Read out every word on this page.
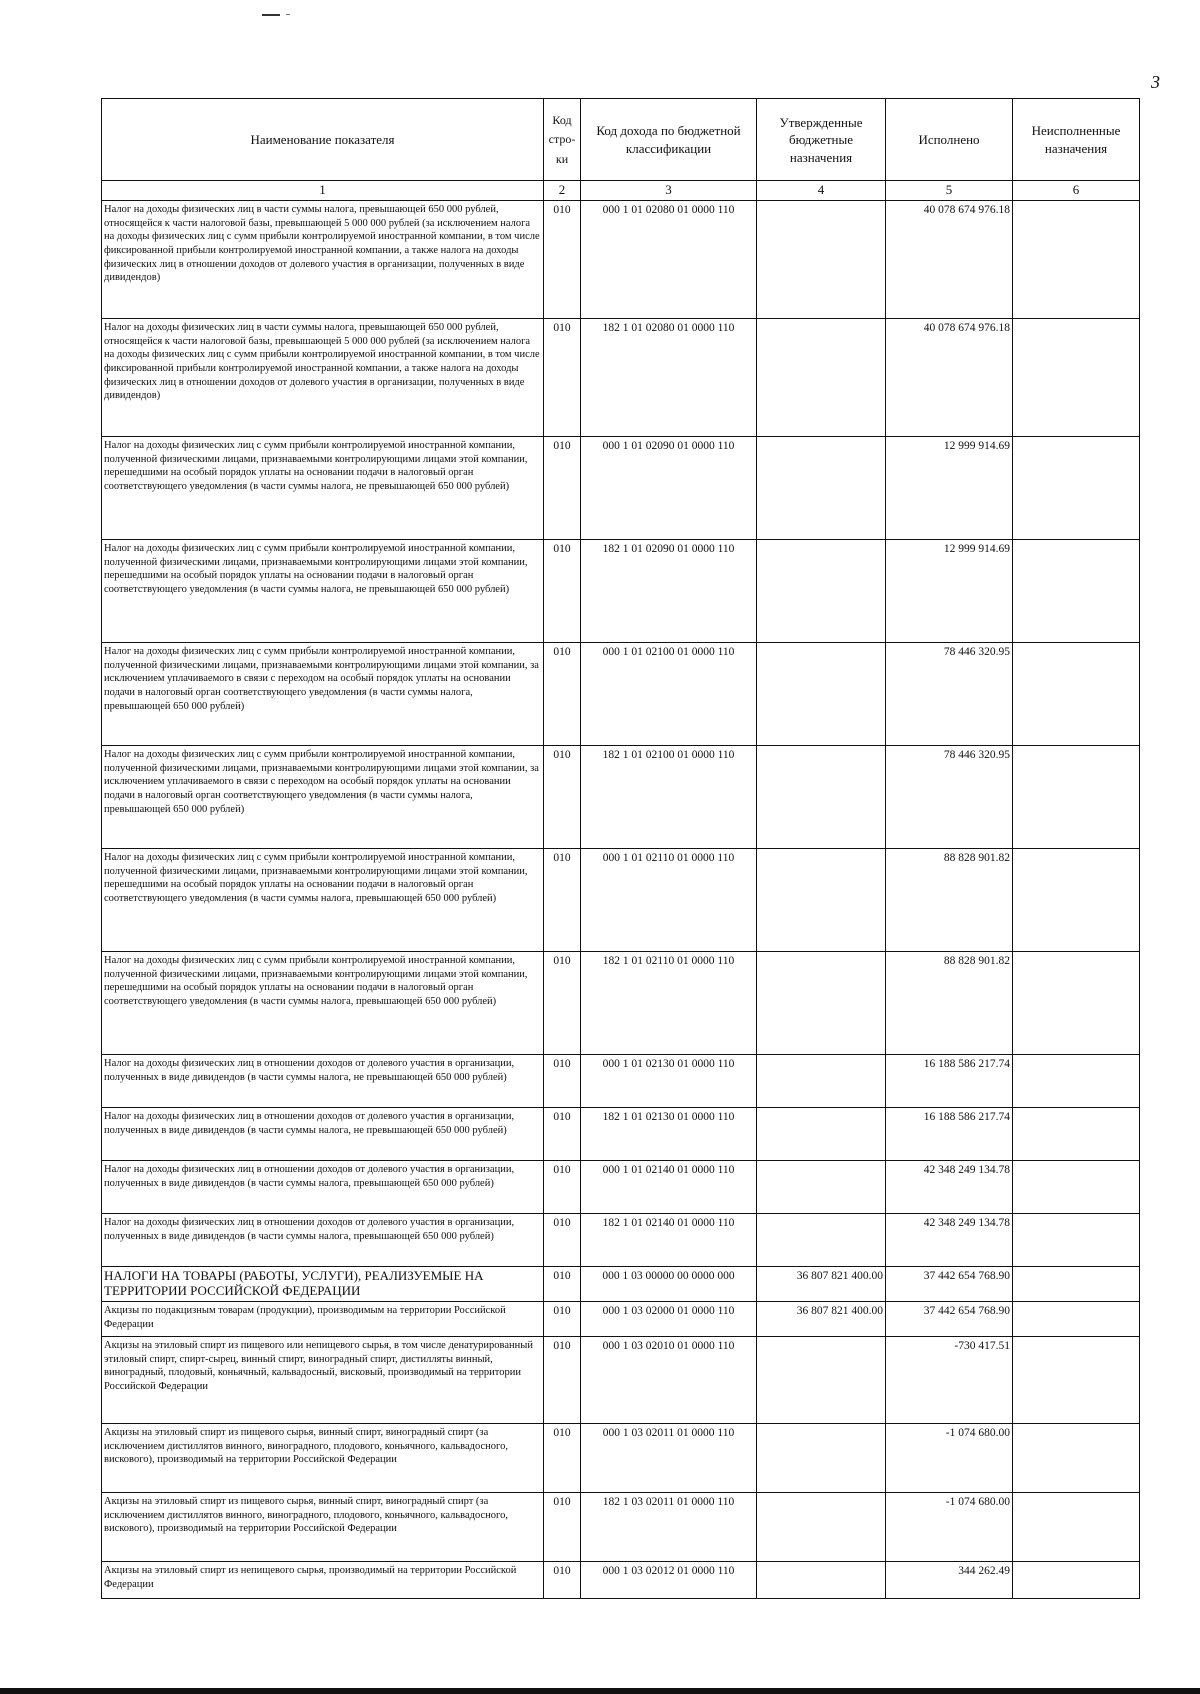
3
Наименование показателя	Код стро-ки	Код дохода по бюджетной классификации	Утвержденные бюджетные назначения	Исполнено	Неисполненные назначения
1	2	3	4	5	6
Налог на доходы физических лиц в части суммы налога, превышающей 650 000 рублей, относящейся к части налоговой базы, превышающей 5 000 000 рублей (за исключением налога на доходы физических лиц с сумм прибыли контролируемой иностранной компании, в том числе фиксированной прибыли контролируемой иностранной компании, а также налога на доходы физических лиц в отношении доходов от долевого участия в организации, полученных в виде дивидендов)	010	000 1 01 02080 01 0000 110		40 078 674 976.18	
Налог на доходы физических лиц в части суммы налога, превышающей 650 000 рублей, относящейся к части налоговой базы, превышающей 5 000 000 рублей (за исключением налога на доходы физических лиц с сумм прибыли контролируемой иностранной компании, в том числе фиксированной прибыли контролируемой иностранной компании, а также налога на доходы физических лиц в отношении доходов от долевого участия в организации, полученных в виде дивидендов)	010	182 1 01 02080 01 0000 110		40 078 674 976.18	
Налог на доходы физических лиц с сумм прибыли контролируемой иностранной компании, полученной физическими лицами, признаваемыми контролирующими лицами этой компании, перешедшими на особый порядок уплаты на основании подачи в налоговый орган соответствующего уведомления (в части суммы налога, не превышающей 650 000 рублей)	010	000 1 01 02090 01 0000 110		12 999 914.69	
Налог на доходы физических лиц с сумм прибыли контролируемой иностранной компании, полученной физическими лицами, признаваемыми контролирующими лицами этой компании, перешедшими на особый порядок уплаты на основании подачи в налоговый орган соответствующего уведомления (в части суммы налога, не превышающей 650 000 рублей)	010	182 1 01 02090 01 0000 110		12 999 914.69	
Налог на доходы физических лиц с сумм прибыли контролируемой иностранной компании, полученной физическими лицами, признаваемыми контролирующими лицами этой компании, за исключением уплачиваемого в связи с переходом на особый порядок уплаты на основании подачи в налоговый орган соответствующего уведомления (в части суммы налога, превышающей 650 000 рублей)	010	000 1 01 02100 01 0000 110		78 446 320.95	
Налог на доходы физических лиц с сумм прибыли контролируемой иностранной компании, полученной физическими лицами, признаваемыми контролирующими лицами этой компании, за исключением уплачиваемого в связи с переходом на особый порядок уплаты на основании подачи в налоговый орган соответствующего уведомления (в части суммы налога, превышающей 650 000 рублей)	010	182 1 01 02100 01 0000 110		78 446 320.95	
Налог на доходы физических лиц с сумм прибыли контролируемой иностранной компании, полученной физическими лицами, признаваемыми контролирующими лицами этой компании, перешедшими на особый порядок уплаты на основании подачи в налоговый орган соответствующего уведомления (в части суммы налога, превышающей 650 000 рублей)	010	000 1 01 02110 01 0000 110		88 828 901.82	
Налог на доходы физических лиц с сумм прибыли контролируемой иностранной компании, полученной физическими лицами, признаваемыми контролирующими лицами этой компании, перешедшими на особый порядок уплаты на основании подачи в налоговый орган соответствующего уведомления (в части суммы налога, превышающей 650 000 рублей)	010	182 1 01 02110 01 0000 110		88 828 901.82	
Налог на доходы физических лиц в отношении доходов от долевого участия в организации, полученных в виде дивидендов (в части суммы налога, не превышающей 650 000 рублей)	010	000 1 01 02130 01 0000 110		16 188 586 217.74	
Налог на доходы физических лиц в отношении доходов от долевого участия в организации, полученных в виде дивидендов (в части суммы налога, не превышающей 650 000 рублей)	010	182 1 01 02130 01 0000 110		16 188 586 217.74	
Налог на доходы физических лиц в отношении доходов от долевого участия в организации, полученных в виде дивидендов (в части суммы налога, превышающей 650 000 рублей)	010	000 1 01 02140 01 0000 110		42 348 249 134.78	
Налог на доходы физических лиц в отношении доходов от долевого участия в организации, полученных в виде дивидендов (в части суммы налога, превышающей 650 000 рублей)	010	182 1 01 02140 01 0000 110		42 348 249 134.78	
НАЛОГИ НА ТОВАРЫ (РАБОТЫ, УСЛУГИ), РЕАЛИЗУЕМЫЕ НА ТЕРРИТОРИИ РОССИЙСКОЙ ФЕДЕРАЦИИ	010	000 1 03 00000 00 0000 000	36 807 821 400.00	37 442 654 768.90	
Акцизы по подакцизным товарам (продукции), производимым на территории Российской Федерации	010	000 1 03 02000 01 0000 110	36 807 821 400.00	37 442 654 768.90	
Акцизы на этиловый спирт из пищевого или непищевого сырья, в том числе денатурированный этиловый спирт, спирт-сырец, винный спирт, виноградный спирт, дистилляты винный, виноградный, плодовый, коньячный, кальвадосный, висковый, производимый на территории Российской Федерации	010	000 1 03 02010 01 0000 110		-730 417.51	
Акцизы на этиловый спирт из пищевого сырья, винный спирт, виноградный спирт (за исключением дистиллятов винного, виноградного, плодового, коньячного, кальвадосного, вискового), производимый на территории Российской Федерации	010	000 1 03 02011 01 0000 110		-1 074 680.00	
Акцизы на этиловый спирт из пищевого сырья, винный спирт, виноградный спирт (за исключением дистиллятов винного, виноградного, плодового, коньячного, кальвадосного, вискового), производимый на территории Российской Федерации	010	182 1 03 02011 01 0000 110		-1 074 680.00	
Акцизы на этиловый спирт из непищевого сырья, производимый на территории Российской Федерации	010	000 1 03 02012 01 0000 110		344 262.49	
